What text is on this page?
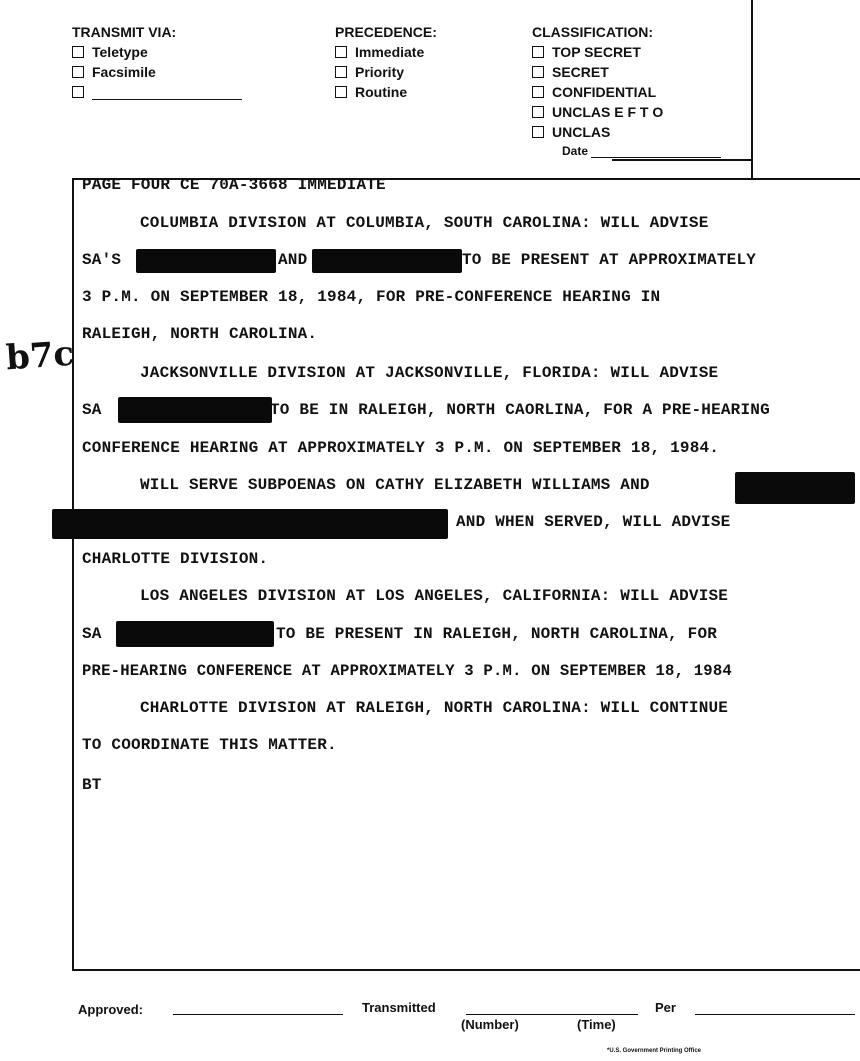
TRANSMIT VIA:
Teletype
Facsimile
PRECEDENCE:
Immediate
Priority
Routine
CLASSIFICATION:
TOP SECRET
SECRET
CONFIDENTIAL
UNCLAS E F T O
UNCLAS
Date
b7c
PAGE FOUR CE 70A-3668 IMMEDIATE
COLUMBIA DIVISION AT COLUMBIA, SOUTH CAROLINA: WILL ADVISE
SA'S	AND	TO BE PRESENT AT APPROXIMATELY
3 P.M. ON SEPTEMBER 18, 1984, FOR PRE-CONFERENCE HEARING IN
RALEIGH, NORTH CAROLINA.
JACKSONVILLE DIVISION AT JACKSONVILLE, FLORIDA: WILL ADVISE
SA	TO BE IN RALEIGH, NORTH CAORLINA, FOR A PRE-HEARING
CONFERENCE HEARING AT APPROXIMATELY 3 P.M. ON SEPTEMBER 18, 1984.
WILL SERVE SUBPOENAS ON CATHY ELIZABETH WILLIAMS AND
AND WHEN SERVED, WILL ADVISE
CHARLOTTE DIVISION.
LOS ANGELES DIVISION AT LOS ANGELES, CALIFORNIA: WILL ADVISE
SA	TO BE PRESENT IN RALEIGH, NORTH CAROLINA, FOR
PRE-HEARING CONFERENCE AT APPROXIMATELY 3 P.M. ON SEPTEMBER 18, 1984
CHARLOTTE DIVISION AT RALEIGH, NORTH CAROLINA: WILL CONTINUE
TO COORDINATE THIS MATTER.
BT
Approved:	Transmitted
(Number)	(Time)
Per
*U.S. Government Printing Office
